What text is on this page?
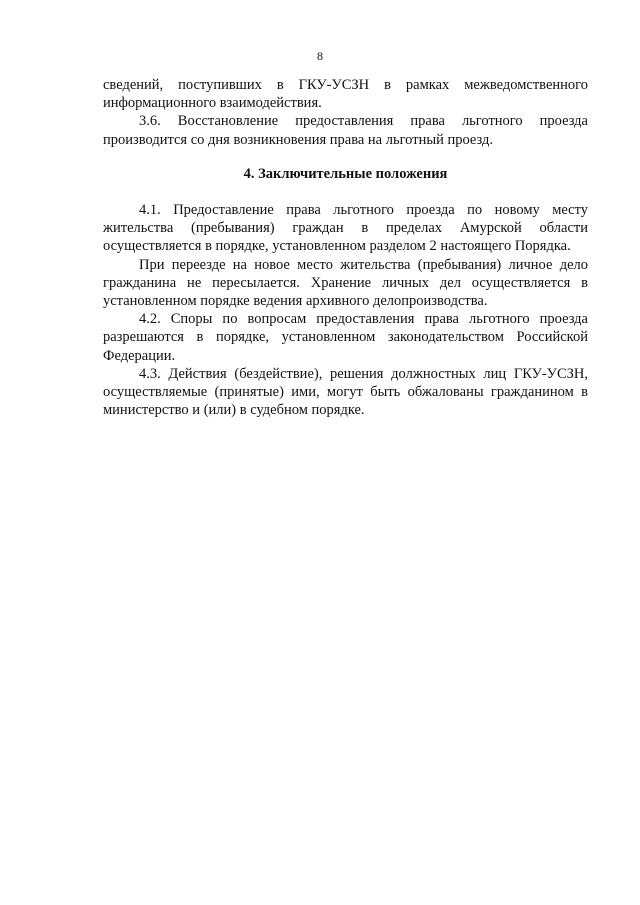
8

сведений, поступивших в ГКУ-УСЗН в рамках межведомственного информационного взаимодействия.

3.6. Восстановление предоставления права льготного проезда производится со дня возникновения права на льготный проезд.

4. Заключительные положения

4.1. Предоставление права льготного проезда по новому месту жительства (пребывания) граждан в пределах Амурской области осуществляется в порядке, установленном разделом 2 настоящего Порядка.

При переезде на новое место жительства (пребывания) личное дело гражданина не пересылается. Хранение личных дел осуществляется в установленном порядке ведения архивного делопроизводства.

4.2. Споры по вопросам предоставления права льготного проезда разрешаются в порядке, установленном законодательством Российской Федерации.

4.3. Действия (бездействие), решения должностных лиц ГКУ-УСЗН, осуществляемые (принятые) ими, могут быть обжалованы гражданином в министерство и (или) в судебном порядке.
